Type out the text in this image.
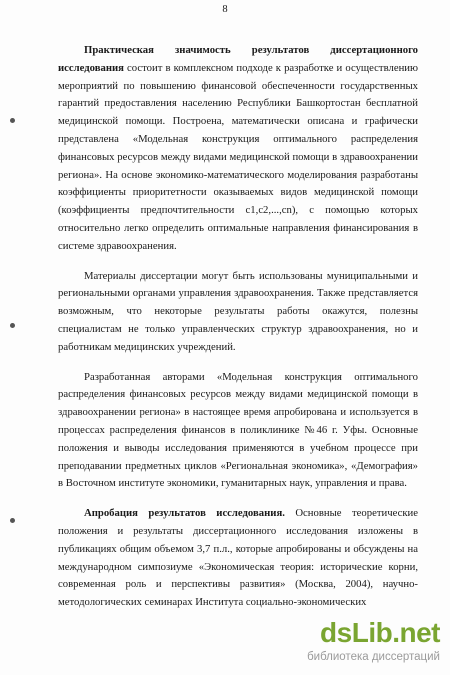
8

Практическая значимость результатов диссертационного исследования состоит в комплексном подходе к разработке и осуществлению мероприятий по повышению финансовой обеспеченности государственных гарантий предоставления населению Республики Башкортостан бесплатной медицинской помощи. Построена, математически описана и графически представлена «Модельная конструкция оптимального распределения финансовых ресурсов между видами медицинской помощи в здравоохранении региона». На основе экономико-математического моделирования разработаны коэффициенты приоритетности оказываемых видов медицинской помощи (коэффициенты предпочтительности c1,c2,...,cn), с помощью которых относительно легко определить оптимальные направления финансирования в системе здравоохранения.

Материалы диссертации могут быть использованы муниципальными и региональными органами управления здравоохранения. Также представляется возможным, что некоторые результаты работы окажутся, полезны специалистам не только управленческих структур здравоохранения, но и работникам медицинских учреждений.

Разработанная авторами «Модельная конструкция оптимального распределения финансовых ресурсов между видами медицинской помощи в здравоохранении региона» в настоящее время апробирована и используется в процессах распределения финансов в поликлинике №46 г. Уфы. Основные положения и выводы исследования применяются в учебном процессе при преподавании предметных циклов «Региональная экономика», «Демография» в Восточном институте экономики, гуманитарных наук, управления и права.

Апробация результатов исследования. Основные теоретические положения и результаты диссертационного исследования изложены в публикациях общим объемом 3,7 п.л., которые апробированы и обсуждены на международном симпозиуме «Экономическая теория: исторические корни, современная роль и перспективы развития» (Москва, 2004), научно-методологических семинарах Института социально-экономических

dsLib.net
библиотека диссертаций
